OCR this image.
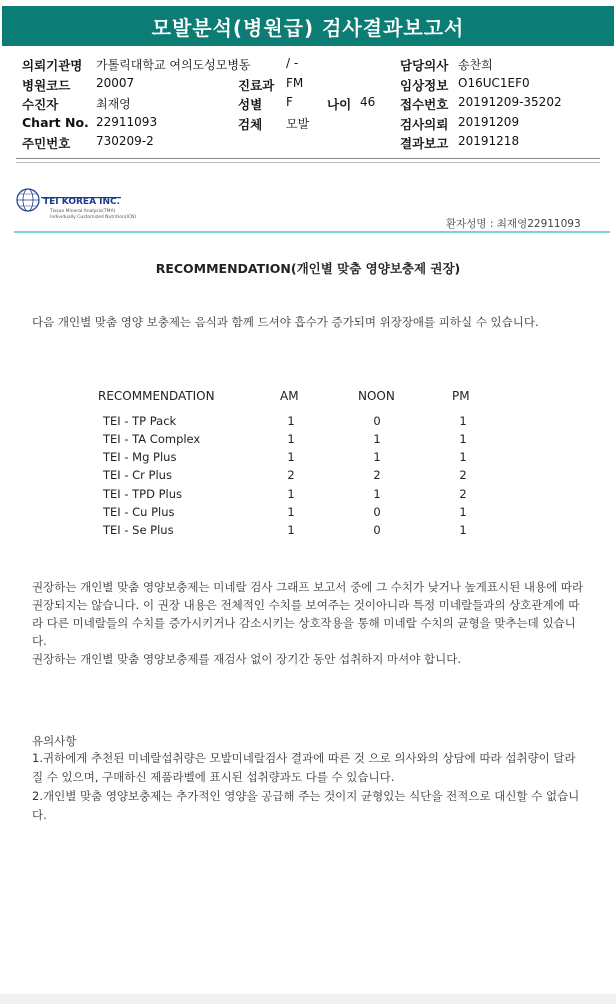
모발분석(병원급) 검사결과보고서
의뢰기관명 가톨릭대학교 여의도성모병동	/ -	담당의사 송찬희
병원코드 20007	진료과 FM	임상정보 O16UC1EF0
수진자	최재영	성별 F	나이 46 접수번호 20191209-35202
Chart No. 22911093	검체 모발	검사의뢰 20191209
주민번호 730209-2	결과보고 20191218
TEI KOREA INC.
Tissue Mineral Analysis(TMA)
Individually Customized Nutrition(ICN)
환자성명 : 최재영22911093
RECOMMENDATION(개인별 맞춤 영양보충제 권장)
다음 개인별 맞춤 영양 보충제는 음식과 함께 드셔야 흡수가 증가되며 위장장애를 피하실 수 있습니다.
RECOMMENDATION	AM	NOON	PM
TEI - TP Pack	1	0	1
TEI - TA Complex	1	1	1
TEI - Mg Plus	1	1	1
TEI - Cr Plus	2	2	2
TEI - TPD Plus	1	1	2
TEI - Cu Plus	1	0	1
TEI - Se Plus	1	0	1
권장하는 개인별 맞춤 영양보충제는 미네랄 검사 그래프 보고서 중에 그 수치가 낮거나 높게표시된 내용에 따라 권장되지는 않습니다. 이 권장 내용은 전체적인 수치를 보여주는 것이아니라 특정 미네랄들과의 상호관계에 따라 다른 미네랄들의 수치를 증가시키거나 감소시키는 상호작용을 통해 미네랄 수치의 균형을 맞추는데 있습니다.
권장하는 개인별 맞춤 영양보충제를 재검사 없이 장기간 동안 섭취하지 마셔야 합니다.
유의사항
1.귀하에게 추천된 미네랄섭취량은 모발미네랄검사 결과에 따른 것 으로 의사와의 상담에 따라 섭취량이 달라질 수 있으며, 구매하신 제품라벨에 표시된 섭취량과도 다를 수 있습니다.
2.개인별 맞춤 영양보충제는 추가적인 영양을 공급해 주는 것이지 균형있는 식단을 전적으로 대신할 수 없습니다.
